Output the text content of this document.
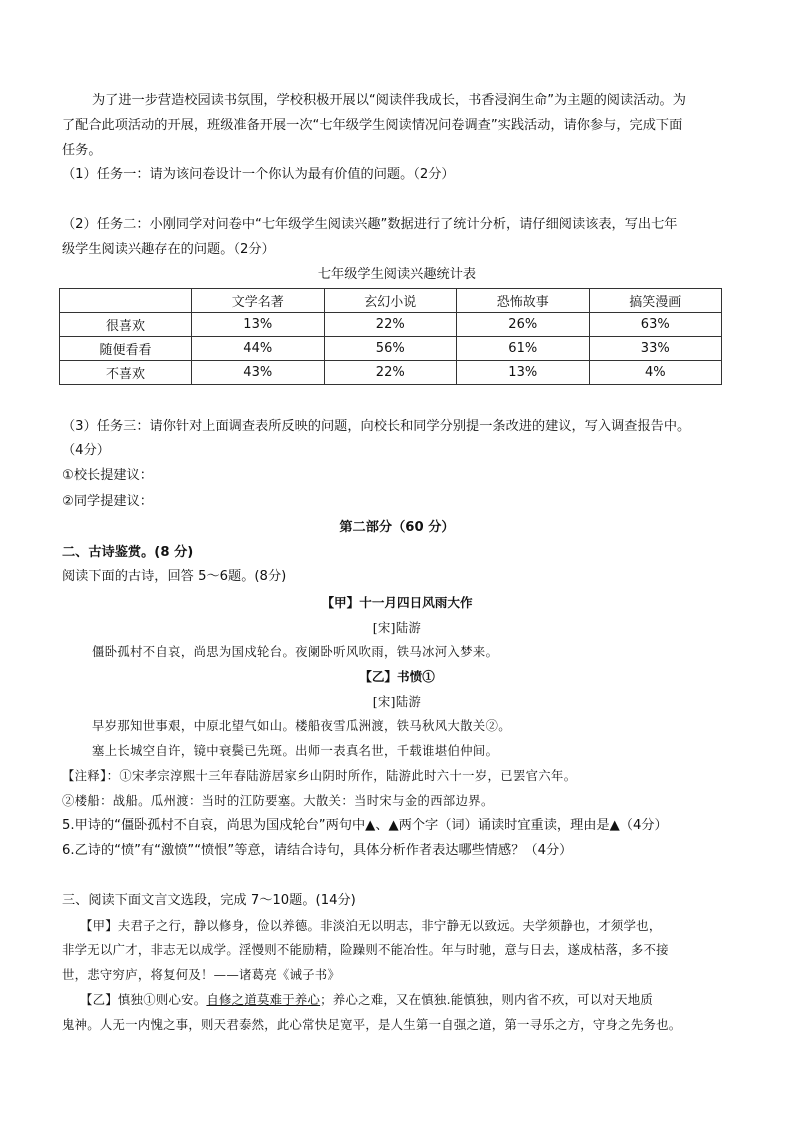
为了进一步营造校园读书氛围，学校积极开展以“阅读伴我成长，书香浸润生命”为主题的阅读活动。为
了配合此项活动的开展，班级准备开展一次“七年级学生阅读情况问卷调查”实践活动，请你参与，完成下面
任务。
（1）任务一：请为该问卷设计一个你认为最有价值的问题。（2分）
（2）任务二：小刚同学对问卷中“七年级学生阅读兴趣”数据进行了统计分析，请仔细阅读该表，写出七年
级学生阅读兴趣存在的问题。（2分）
七年级学生阅读兴趣统计表
	文学名著	玄幻小说	恐怖故事	搞笑漫画
很喜欢	13%	22%	26%	63%
随便看看	44%	56%	61%	33%
不喜欢	43%	22%	13%	4%
（3）任务三：请你针对上面调查表所反映的问题，向校长和同学分别提一条改进的建议，写入调查报告中。
（4分）
①校长提建议：
②同学提建议：
第二部分（60 分）
二、古诗鉴赏。(8 分)
阅读下面的古诗，回答 5～6题。(8分)
【甲】十一月四日风雨大作
[宋]陆游
僵卧孤村不自哀，尚思为国戍轮台。夜阑卧听风吹雨，铁马冰河入梦来。
【乙】书愤①
[宋]陆游
早岁那知世事艰，中原北望气如山。楼船夜雪瓜洲渡，铁马秋风大散关②。
塞上长城空自许，镜中衰鬓已先斑。出师一表真名世，千载谁堪伯仲间。
【注释】：①宋孝宗淳熙十三年春陆游居家乡山阴时所作，陆游此时六十一岁，已罢官六年。
②楼船：战船。瓜州渡：当时的江防要塞。大散关：当时宋与金的西部边界。
5.甲诗的“僵卧孤村不自哀，尚思为国戍轮台”两句中▲、▲两个字（词）诵读时宜重读，理由是▲（4分）
6.乙诗的“愤”有“激愤”“愤恨”等意，请结合诗句，具体分析作者表达哪些情感？（4分）
三、阅读下面文言文选段，完成 7～10题。(14分)
【甲】夫君子之行，静以修身，俭以养德。非淡泊无以明志，非宁静无以致远。夫学须静也，才须学也，
非学无以广才，非志无以成学。淫慢则不能励精，险躁则不能冶性。年与时驰，意与日去，遂成枯落，多不接
世，悲守穷庐，将复何及！——诸葛亮《诫子书》
【乙】慎独①则心安。自修之道莫难于养心；养心之难，又在慎独.能慎独，则内省不疚，可以对天地质
鬼神。人无一内愧之事，则天君泰然，此心常快足宽平，是人生第一自强之道，第一寻乐之方，守身之先务也。
